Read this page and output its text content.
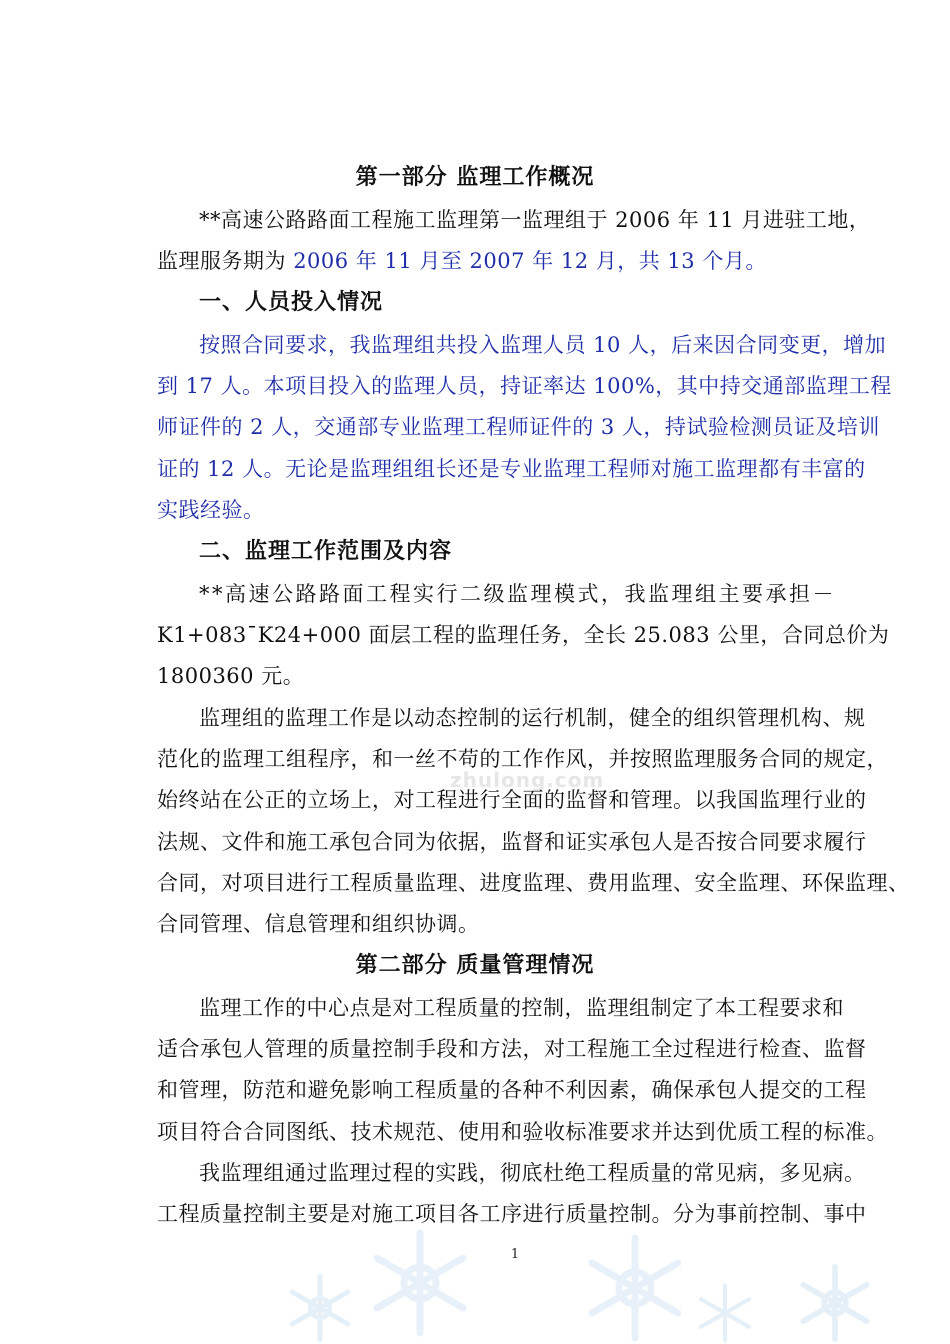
zhulong.com
第一部分 监理工作概况
**高速公路路面工程施工监理第一监理组于 2006 年 11 月进驻工地，
监理服务期为 2006 年 11 月至 2007 年 12 月，共 13 个月。
一、人员投入情况
按照合同要求，我监理组共投入监理人员 10 人，后来因合同变更，增加
到 17 人。本项目投入的监理人员，持证率达 100%，其中持交通部监理工程
师证件的 2 人，交通部专业监理工程师证件的 3 人，持试验检测员证及培训
证的 12 人。无论是监理组组长还是专业监理工程师对施工监理都有丰富的
实践经验。
二、监理工作范围及内容
**高速公路路面工程实行二级监理模式，我监理组主要承担－
K1+083¯K24+000 面层工程的监理任务，全长 25.083 公里，合同总价为
1800360 元。
监理组的监理工作是以动态控制的运行机制，健全的组织管理机构、规
范化的监理工组程序，和一丝不苟的工作作风，并按照监理服务合同的规定，
始终站在公正的立场上，对工程进行全面的监督和管理。以我国监理行业的
法规、文件和施工承包合同为依据，监督和证实承包人是否按合同要求履行
合同，对项目进行工程质量监理、进度监理、费用监理、安全监理、环保监理、
合同管理、信息管理和组织协调。
第二部分 质量管理情况
监理工作的中心点是对工程质量的控制，监理组制定了本工程要求和
适合承包人管理的质量控制手段和方法，对工程施工全过程进行检查、监督
和管理，防范和避免影响工程质量的各种不利因素，确保承包人提交的工程
项目符合合同图纸、技术规范、使用和验收标准要求并达到优质工程的标准。
我监理组通过监理过程的实践，彻底杜绝工程质量的常见病，多见病。
工程质量控制主要是对施工项目各工序进行质量控制。分为事前控制、事中
1
